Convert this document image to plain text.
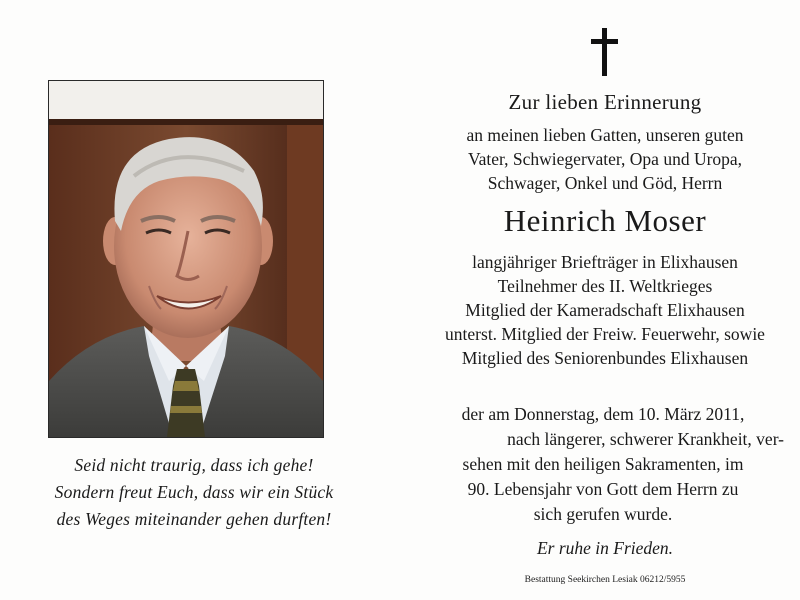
Seid nicht traurig, dass ich gehe!
Sondern freut Euch, dass wir ein Stück
des Weges miteinander gehen durften!
Zur lieben Erinnerung
an meinen lieben Gatten, unseren guten
Vater, Schwiegervater, Opa und Uropa,
Schwager, Onkel und Göd, Herrn
Heinrich Moser
langjähriger Briefträger in Elixhausen
Teilnehmer des II. Weltkrieges
Mitglied der Kameradschaft Elixhausen
unterst. Mitglied der Freiw. Feuerwehr, sowie
Mitglied des Seniorenbundes Elixhausen
der am Donnerstag, dem 10. März 2011,
nach längerer, schwerer Krankheit, ver-
sehen mit den heiligen Sakramenten, im
90. Lebensjahr von Gott dem Herrn zu
sich gerufen wurde.
Er ruhe in Frieden.
Bestattung Seekirchen Lesiak 06212/5955
